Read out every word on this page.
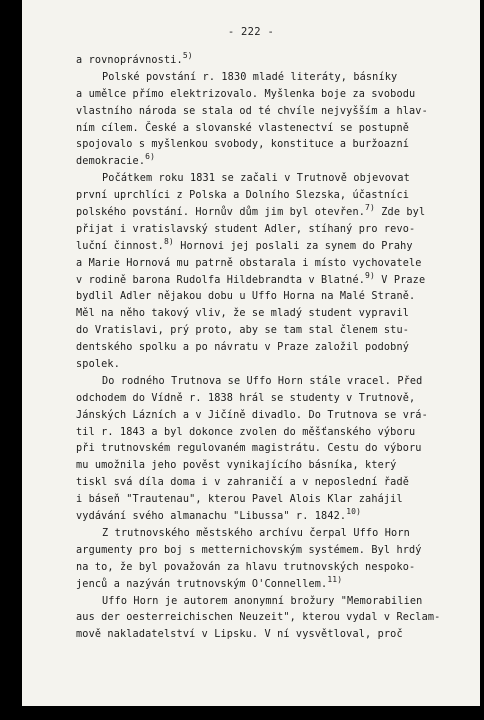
- 222 -
a rovnoprávnosti.$^{5)}$
Polské povstání r. 1830 mladé literáty, básníky
a umělce přímo elektrizovalo. Myšlenka boje za svobodu
vlastního národa se stala od té chvíle nejvyšším a hlav-
ním cílem. České a slovanské vlastenectví se postupně
spojovalo s myšlenkou svobody, konstituce a buržoazní
demokracie.$^{6)}$
Počátkem roku 1831 se začali v Trutnově objevovat
první uprchlíci z Polska a Dolního Slezska, účastníci
polského povstání. Hornův dům jim byl otevřen.$^{7)}$ Zde byl
přijat i vratislavský student Adler, stíhaný pro revo-
luční činnost.$^{8)}$ Hornovi jej poslali za synem do Prahy
a Marie Hornová mu patrně obstarala i místo vychovatele
v rodině barona Rudolfa Hildebrandta v Blatné.$^{9)}$ V Praze
bydlil Adler nějakou dobu u Uffo Horna na Malé Straně.
Měl na něho takový vliv, že se mladý student vypravil
do Vratislavi, prý proto, aby se tam stal členem stu-
dentského spolku a po návratu v Praze založil podobný
spolek.
Do rodného Trutnova se Uffo Horn stále vracel. Před
odchodem do Vídně r. 1838 hrál se studenty v Trutnově,
Jánských Lázních a v Jičíně divadlo. Do Trutnova se vrá-
til r. 1843 a byl dokonce zvolen do měšťanského výboru
při trutnovském regulovaném magistrátu. Cestu do výboru
mu umožnila jeho pověst vynikajícího básníka, který
tiskl svá díla doma i v zahraničí a v neposlední řadě
i báseň "Trautenau", kterou Pavel Alois Klar zahájil
vydávání svého almanachu "Libussa" r. 1842.$^{10)}$
Z trutnovského městského archívu čerpal Uffo Horn
argumenty pro boj s metternichovským systémem. Byl hrdý
na to, že byl považován za hlavu trutnovských nespoko-
jenců a nazýván trutnovským O'Connellem.$^{11)}$
Uffo Horn je autorem anonymní brožury "Memorabilien
aus der oesterreichischen Neuzeit", kterou vydal v Reclam-
mově nakladatelství v Lipsku. V ní vysvětloval, proč
